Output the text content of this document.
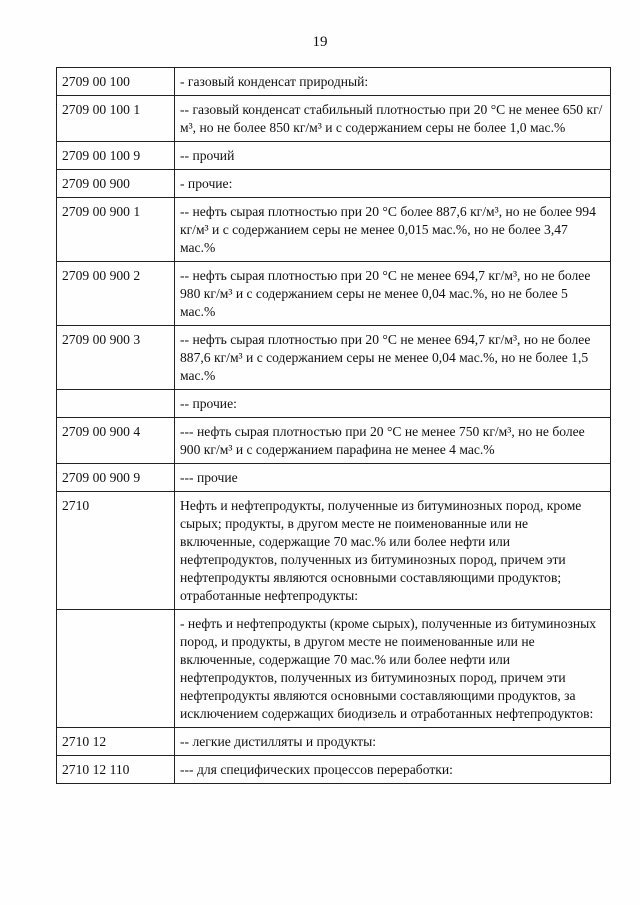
19
2709 00 100	- газовый конденсат природный:
2709 00 100 1	-- газовый конденсат стабильный плотностью при 20 °С не менее 650 кг/м³, но не более 850 кг/м³ и с содержанием серы не более 1,0 мас.%
2709 00 100 9	-- прочий
2709 00 900	- прочие:
2709 00 900 1	-- нефть сырая плотностью при 20 °С более 887,6 кг/м³, но не более 994 кг/м³ и с содержанием серы не менее 0,015 мас.%, но не более 3,47 мас.%
2709 00 900 2	-- нефть сырая плотностью при 20 °С не менее 694,7 кг/м³, но не более 980 кг/м³ и с содержанием серы не менее 0,04 мас.%, но не более 5 мас.%
2709 00 900 3	-- нефть сырая плотностью при 20 °С не менее 694,7 кг/м³, но не более 887,6 кг/м³ и с содержанием серы не менее 0,04 мас.%, но не более 1,5 мас.%
	-- прочие:
2709 00 900 4	--- нефть сырая плотностью при 20 °С не менее 750 кг/м³, но не более 900 кг/м³ и с содержанием парафина не менее 4 мас.%
2709 00 900 9	--- прочие
2710	Нефть и нефтепродукты, полученные из битуминозных пород, кроме сырых; продукты, в другом месте не поименованные или не включенные, содержащие 70 мас.% или более нефти или нефтепродуктов, полученных из битуминозных пород, причем эти нефтепродукты являются основными составляющими продуктов; отработанные нефтепродукты:
	- нефть и нефтепродукты (кроме сырых), полученные из битуминозных пород, и продукты, в другом месте не поименованные или не включенные, содержащие 70 мас.% или более нефти или нефтепродуктов, полученных из битуминозных пород, причем эти нефтепродукты являются основными составляющими продуктов, за исключением содержащих биодизель и отработанных нефтепродуктов:
2710 12	-- легкие дистилляты и продукты:
2710 12 110	--- для специфических процессов переработки:
